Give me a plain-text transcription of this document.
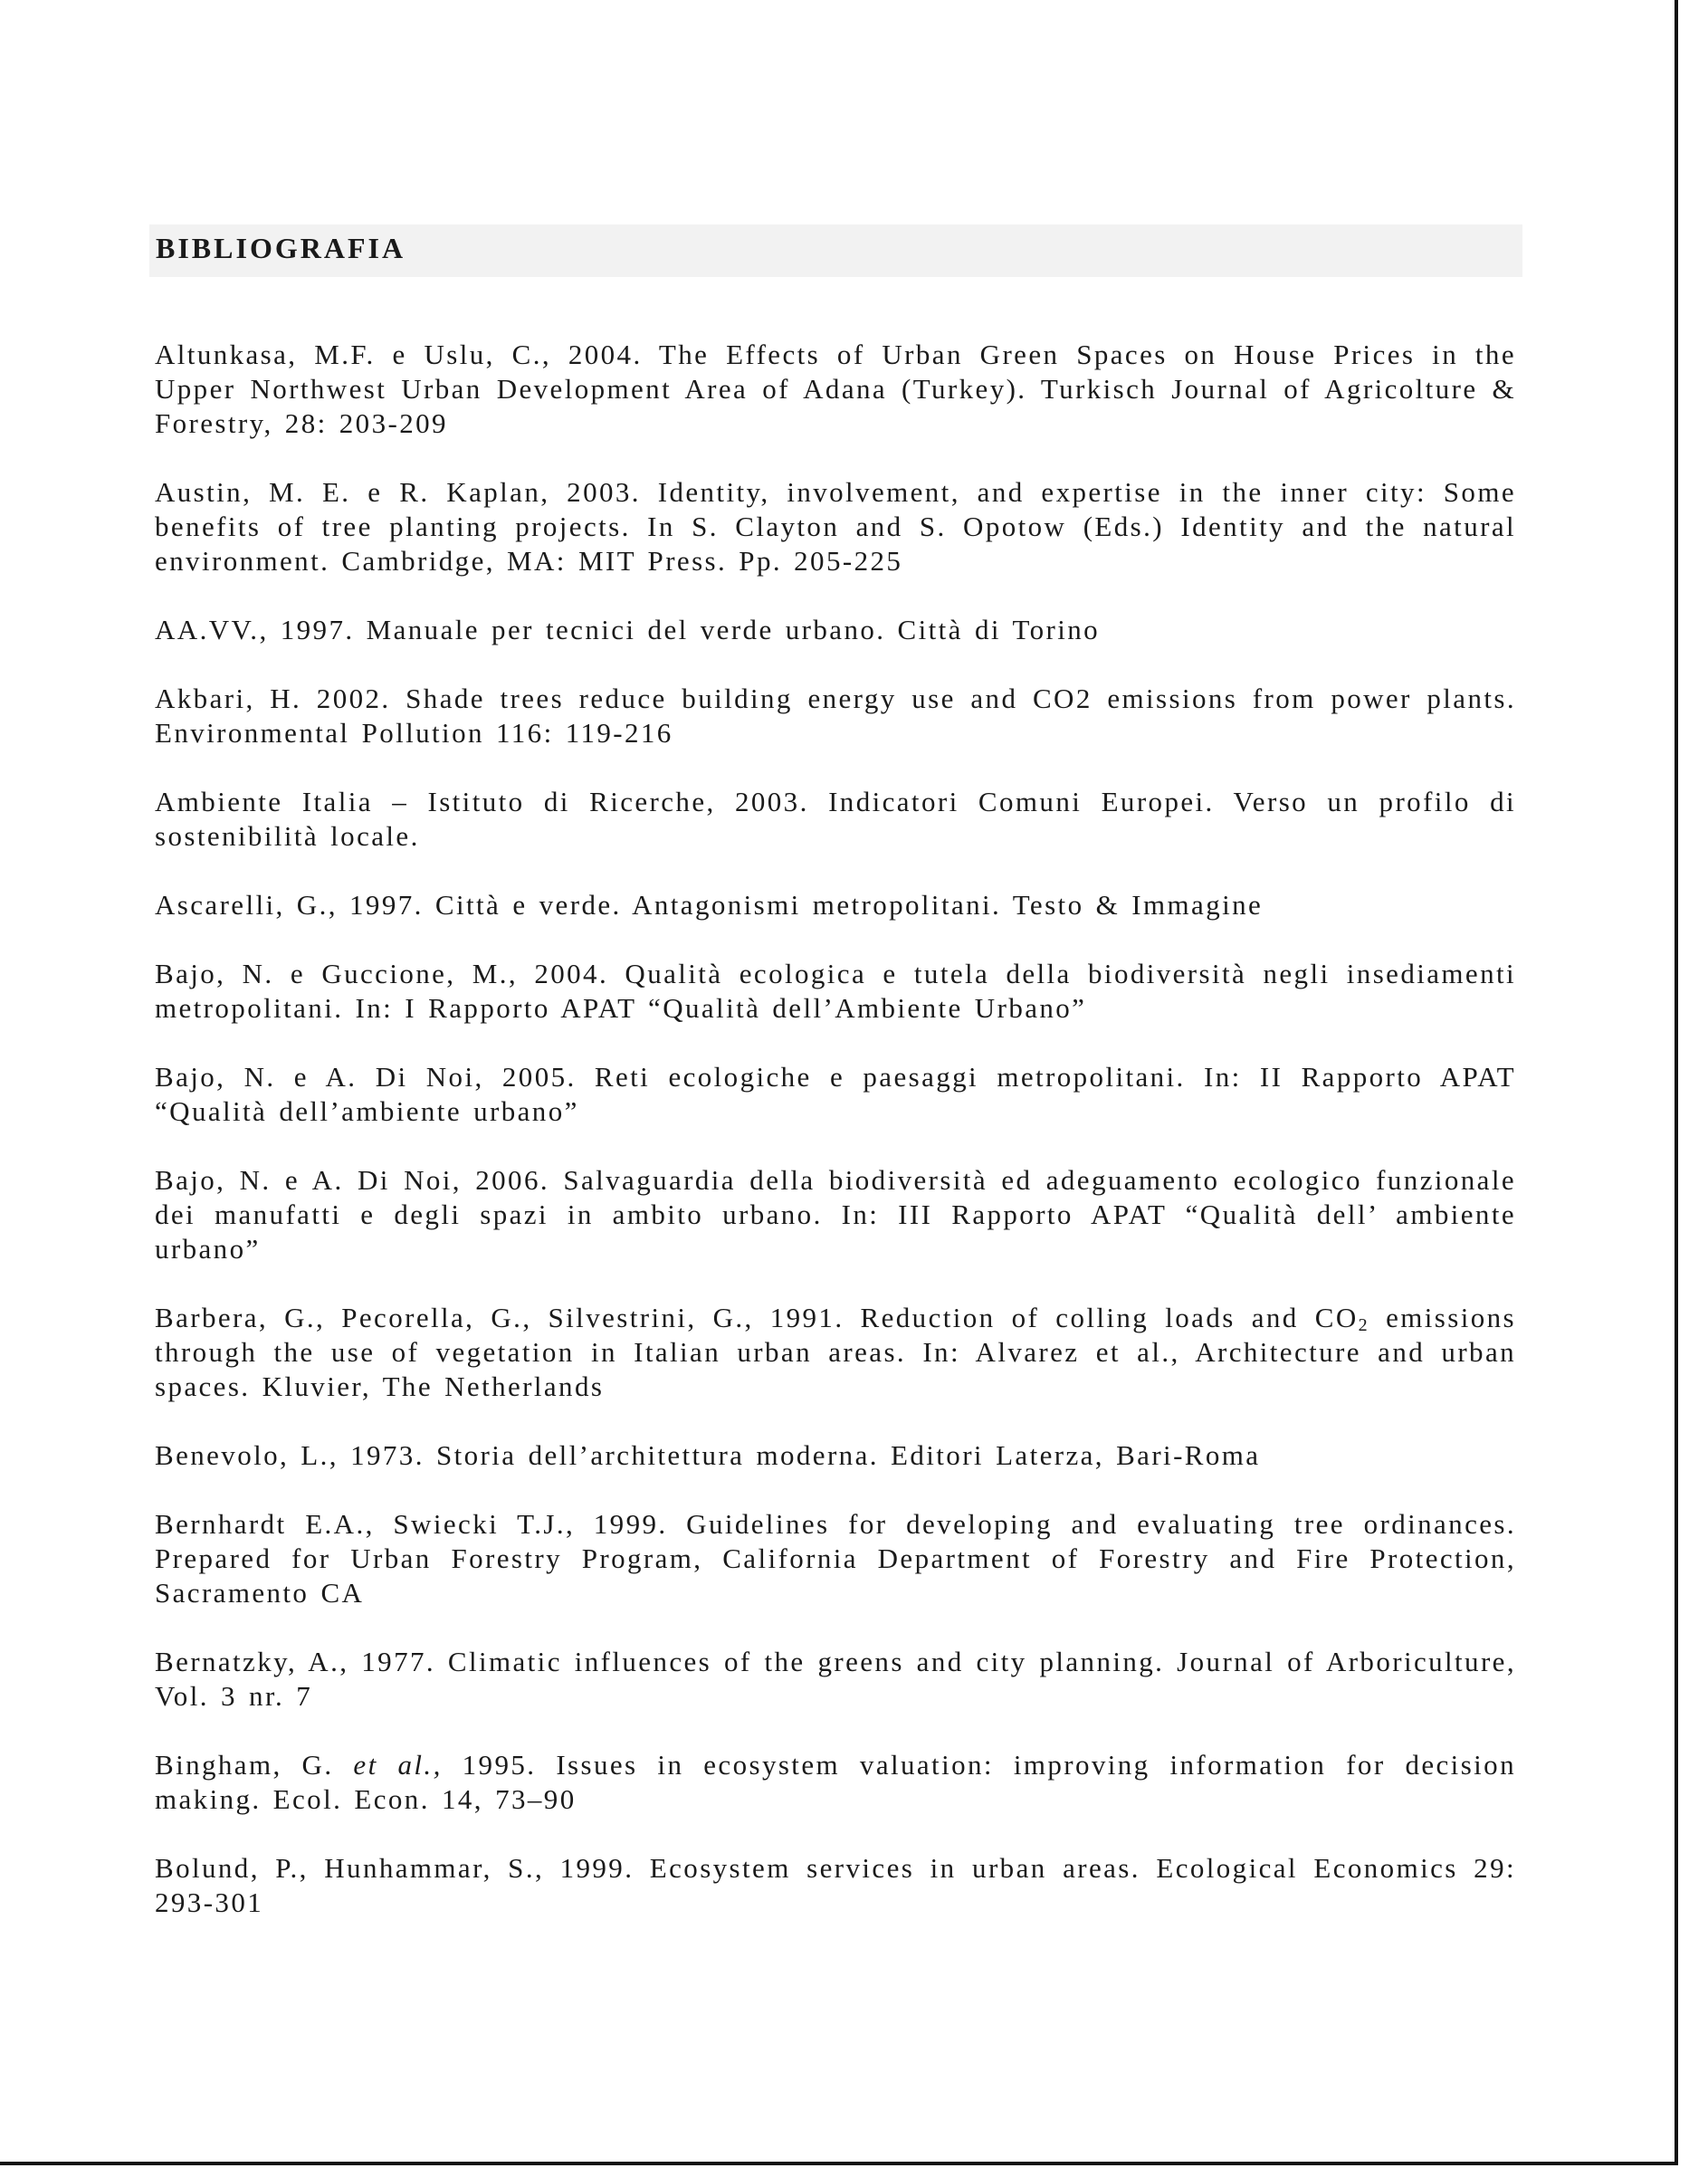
BIBLIOGRAFIA
Altunkasa, M.F. e Uslu, C., 2004. The Effects of Urban Green Spaces on House Prices in the Upper Northwest Urban Development Area of Adana (Turkey). Turkisch Journal of Agricolture & Forestry, 28: 203-209
Austin, M. E. e R. Kaplan, 2003. Identity, involvement, and expertise in the inner city: Some benefits of tree planting projects. In S. Clayton and S. Opotow (Eds.) Identity and the natural environment. Cambridge, MA: MIT Press. Pp. 205-225
AA.VV., 1997. Manuale per tecnici del verde urbano. Città di Torino
Akbari, H. 2002. Shade trees reduce building energy use and CO2 emissions from power plants. Environmental Pollution 116: 119-216
Ambiente Italia – Istituto di Ricerche, 2003. Indicatori Comuni Europei. Verso un profilo di sostenibilità locale.
Ascarelli, G., 1997. Città e verde. Antagonismi metropolitani. Testo & Immagine
Bajo, N. e Guccione, M., 2004. Qualità ecologica e tutela della biodiversità negli insediamenti metropolitani. In: I Rapporto APAT “Qualità dell’Ambiente Urbano”
Bajo, N. e A. Di Noi, 2005. Reti ecologiche e paesaggi metropolitani. In: II Rapporto APAT “Qualità dell’ambiente urbano”
Bajo, N. e A. Di Noi, 2006. Salvaguardia della biodiversità ed adeguamento ecologico funzionale dei manufatti e degli spazi in ambito urbano. In: III Rapporto APAT “Qualità dell’ ambiente urbano”
Barbera, G., Pecorella, G., Silvestrini, G., 1991. Reduction of colling loads and $CO_2$ emissions through the use of vegetation in Italian urban areas. In: Alvarez et al., Architecture and urban spaces. Kluvier, The Netherlands
Benevolo, L., 1973. Storia dell’architettura moderna. Editori Laterza, Bari-Roma
Bernhardt E.A., Swiecki T.J., 1999. Guidelines for developing and evaluating tree ordinances. Prepared for Urban Forestry Program, California Department of Forestry and Fire Protection, Sacramento CA
Bernatzky, A., 1977. Climatic influences of the greens and city planning. Journal of Arboriculture, Vol. 3 nr. 7
Bingham, G. et al., 1995. Issues in ecosystem valuation: improving information for decision making. Ecol. Econ. 14, 73–90
Bolund, P., Hunhammar, S., 1999. Ecosystem services in urban areas. Ecological Economics 29: 293-301
